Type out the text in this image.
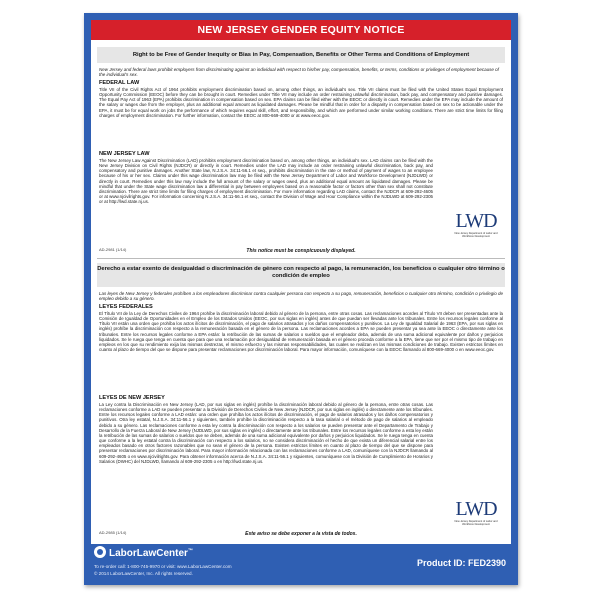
NEW JERSEY GENDER EQUITY NOTICE
Right to be Free of Gender Inequity or Bias in Pay, Compensation, Benefits or Other Terms and Conditions of Employment
New Jersey and federal laws prohibit employers from discriminating against an individual with respect to his/her pay, compensation, benefits, or terms, conditions or privileges of employment because of the individual's sex.
FEDERAL LAW
Title VII of the Civil Rights Act of 1964 prohibits employment discrimination based on, among other things, an individual's sex. Title VII claims must be filed with the United States Equal Employment Opportunity Commission (EEOC) before they can be brought in court. Remedies under Title VII may include an order restraining unlawful discrimination, back pay, and compensatory and punitive damages. The Equal Pay Act of 1963 (EPA) prohibits discrimination in compensation based on sex. EPA claims can be filed either with the EEOC or directly in court. Remedies under the EPA may include the amount of the salary or wages due from the employer, plus an additional equal amount as liquidated damages. Please be mindful that in order for a disparity in compensation based on sex to be actionable under the EPA, it must be for equal work on jobs the performance of which requires equal skill, effort, and responsibility, and which are performed under similar working conditions. There are strict time limits for filing charges of employment discrimination. For further information, contact the EEOC at 800-669-4000 or at www.eeoc.gov.
NEW JERSEY LAW
The New Jersey Law Against Discrimination (LAD) prohibits employment discrimination based on, among other things, an individual's sex. LAD claims can be filed with the New Jersey Division on Civil Rights (NJDCR) or directly in court. Remedies under the LAD may include an order restraining unlawful discrimination, back pay, and compensatory and punitive damages. Another State law, N.J.S.A. 34:11-56.1 et seq., prohibits discrimination in the rate or method of payment of wages to an employee because of his or her sex. Claims under this wage discrimination law may be filed with the New Jersey Department of Labor and Workforce Development (NJDLWD) or directly in court. Remedies under this law may include the full amount of the salary or wages owed, plus an additional equal amount as liquidated damages. Please be mindful that under the State wage discrimination law a differential in pay between employees based on a reasonable factor or factors other than sex shall not constitute discrimination. There are strict time limits for filing charges of employment discrimination. For more information regarding LAD claims, contact the NJDCR at 609-292-4605 or at www.njcivilrights.gov. For information concerning N.J.S.A. 34:11-56.1 et seq., contact the Division of Wage and Hour Compliance within the NJDLWD at 609-292-2305 or at http://lwd.state.nj.us.
LWD
New Jersey Department of Labor and Workforce Development
AD-2981 (1/14)	This notice must be conspicuously displayed.
Derecho a estar exento de desigualdad o discriminación de género con respecto al pago, la remuneración, los beneficios o cualquier otro término o condición de empleo
Las leyes de New Jersey y federales prohíben a los empleadores discriminar contra cualquier persona con respecto a su pago, remuneración, beneficios o cualquier otro término, condición o privilegio de empleo debido a su género.
LEYES FEDERALES
El Título VII de la Ley de Derechos Civiles de 1964 prohíbe la discriminación laboral debido al género de la persona, entre otras cosas. Las reclamaciones acordes al Título VII deben ser presentadas ante la Comisión de Igualdad de Oportunidades en el Empleo de los Estados Unidos (EEOC, por sus siglas en inglés) antes de que puedan ser llevadas ante los tribunales. Entre los recursos legales conforme al Título VII están una orden que prohíba los actos ilícitos de discriminación, el pago de salarios atrasados y los daños compensatorios y punitivos. La Ley de Igualdad Salarial de 1963 (EPA, por sus siglas en inglés) prohíbe la discriminación con respecto a la remuneración basada en el género de la persona. Las reclamaciones acordes a EPA se pueden presentar ya sea ante la EEOC o directamente ante los tribunales. Entre los recursos legales conforme a EPA están: la retribución de las sumas de salarios o sueldos que el empleador deba, además de una suma adicional equivalente por daños y perjuicios liquidados. Se le ruega que tenga en cuenta que para que una reclamación por desigualdad de remuneración basada en el género proceda conforme a la EPA, tiene que ser por el mismo tipo de trabajo en empleos en los que su rendimiento exija las mismas destrezas, el mismo esfuerzo y las mismas responsabilidades, las cuales se realizan en las mismas condiciones de trabajo. Existen estrictos límites en cuanto al plazo de tiempo del que se dispone para presentar reclamaciones por discriminación laboral. Para mayor información, comuníquese con la EEOC llamando al 800-669-4000 o en www.eeoc.gov.
LEYES DE NEW JERSEY
La Ley contra la Discriminación en New Jersey (LAD, por sus siglas en inglés) prohíbe la discriminación laboral debido al género de la persona, entre otras cosas. Las reclamaciones conforme a LAD se pueden presentar a la División de Derechos Civiles de New Jersey (NJDCR, por sus siglas en inglés) o directamente ante los tribunales. Entre los recursos legales conforme a LAD están: una orden que prohíba los actos ilícitos de discriminación, el pago de salarios atrasados y los daños compensatorios y punitivos. Otra ley estatal, N.J.S.A. 34:11-56.1 y siguientes, también prohíbe la discriminación respecto a la tasa salarial o el método de pago de salarios al empleado debido a su género. Las reclamaciones conforme a esta ley contra la discriminación con respecto a los salarios se pueden presentar ante el Departamento de Trabajo y Desarrollo de la Fuerza Laboral de New Jersey (NJDLWD, por sus siglas en inglés) o directamente ante los tribunales. Entre los recursos legales conforme a esta ley están la retribución de las sumas de salarios o sueldos que se deben, además de una suma adicional equivalente por daños y perjuicios liquidados. Se le ruega tenga en cuenta que conforme a la ley estatal contra la discriminación con respecto a los salarios, no se considera discriminación el hecho de que exista un diferencial salarial entre los empleados basado en otros factores razonables que no sean el género de la persona. Existen estrictos límites en cuanto al plazo de tiempo del que se dispone para presentar reclamaciones por discriminación laboral. Para mayor información relacionada con las reclamaciones conforme a LAD, comuníquese con la NJDCR llamando al 609-292-4605 o en www.njcivilrights.gov. Para obtener información acerca de N.J.S.A. 34:11-56.1 y siguientes, comuníquese con la División de Cumplimiento de Horarios y Salarios (DWHC) del NJDLWD, llamando al 609-292-2305 o en http://lwd.state.nj.us.
LWD
New Jersey Department of Labor and Workforce Development
AD-2985 (1/14)	Este aviso se debe exponer a la vista de todos.
LaborLawCenter™
To re-order call: 1-800-745-9970 or visit: www.LaborLawCenter.com
© 2014 LaborLawCenter, Inc. All rights reserved.
Product ID: FED2390
